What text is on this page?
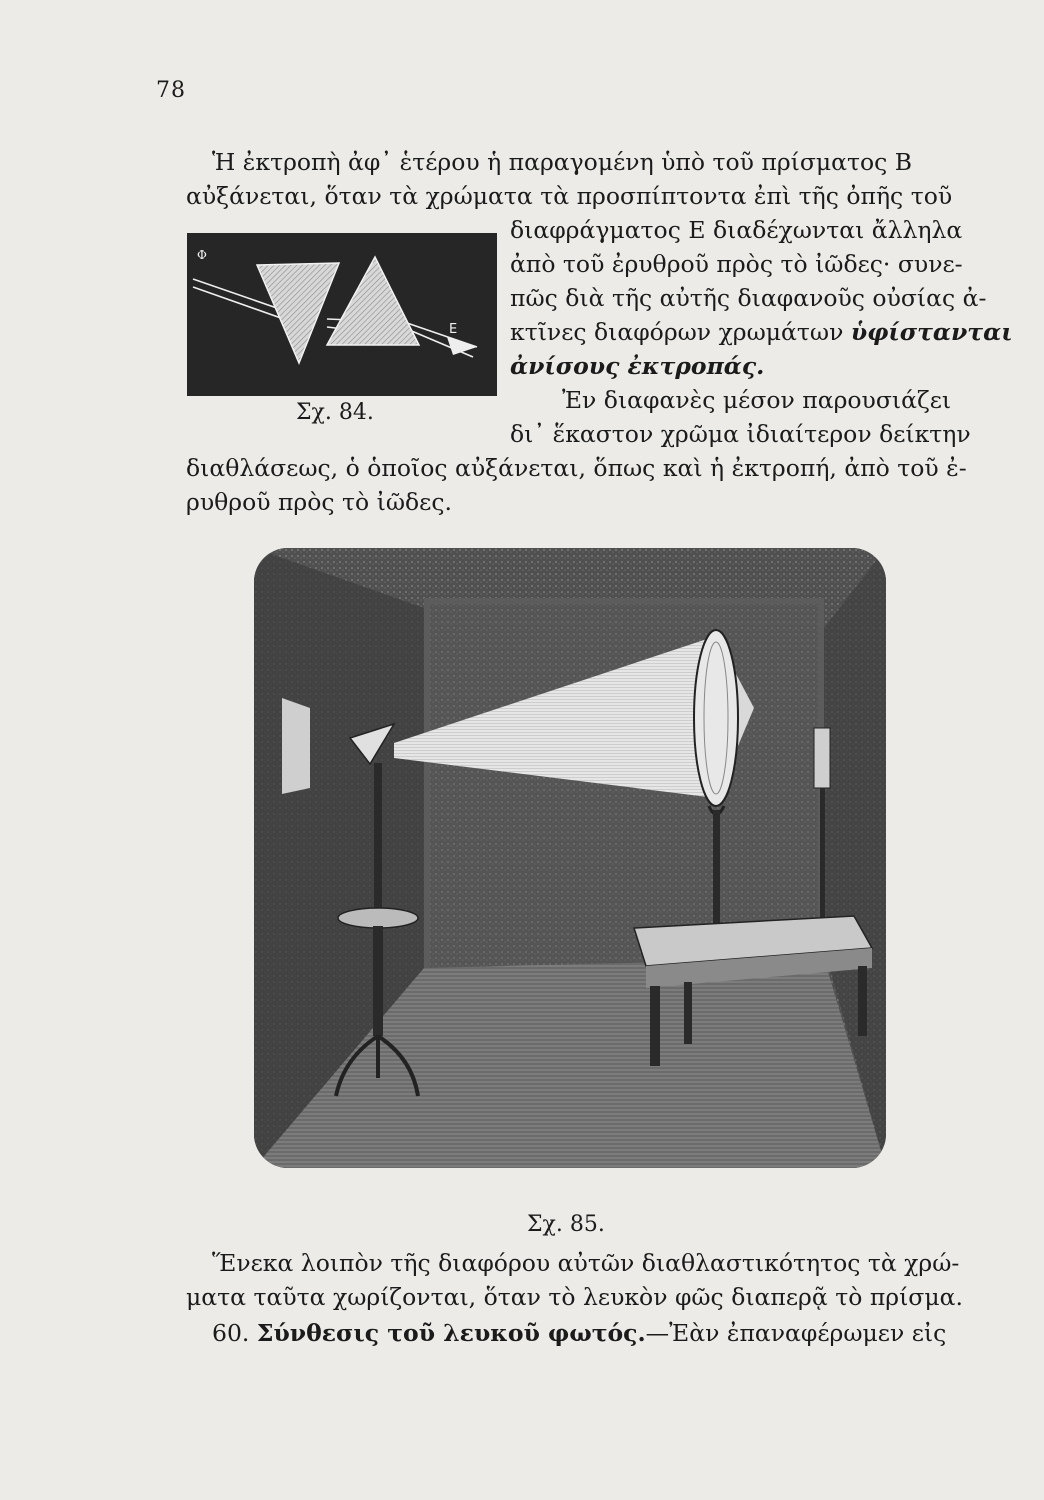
78
Ἡ ἐκτροπὴ ἀφ᾽ ἑτέρου ἡ παραγομένη ὑπὸ τοῦ πρίσματος Β
αὐξάνεται, ὅταν τὰ χρώματα τὰ προσπίπτοντα ἐπὶ τῆς ὀπῆς τοῦ
διαφράγματος Ε διαδέχωνται ἄλληλα
ἀπὸ τοῦ ἐρυθροῦ πρὸς τὸ ἰῶδες· συνε-
πῶς διὰ τῆς αὐτῆς διαφανοῦς οὐσίας ἀ-
κτῖνες διαφόρων χρωμάτων ὑφίστανται
ἀνίσους ἐκτροπάς.
Φ
E
Σχ. 84.	Ἐν διαφανὲς μέσον παρουσιάζει
δι᾽ ἕκαστον χρῶμα ἰδιαίτερον δείκτην
διαθλάσεως, ὁ ὁποῖος αὐξάνεται, ὅπως καὶ ἡ ἐκτροπή, ἀπὸ τοῦ ἐ-
ρυθροῦ πρὸς τὸ ἰῶδες.
Σχ. 85.
Ἕνεκα λοιπὸν τῆς διαφόρου αὐτῶν διαθλαστικότητος τὰ χρώ-
ματα ταῦτα χωρίζονται, ὅταν τὸ λευκὸν φῶς διαπερᾷ τὸ πρίσμα.
60. Σύνθεσις τοῦ λευκοῦ φωτός.—Ἐὰν ἐπαναφέρωμεν εἰς
